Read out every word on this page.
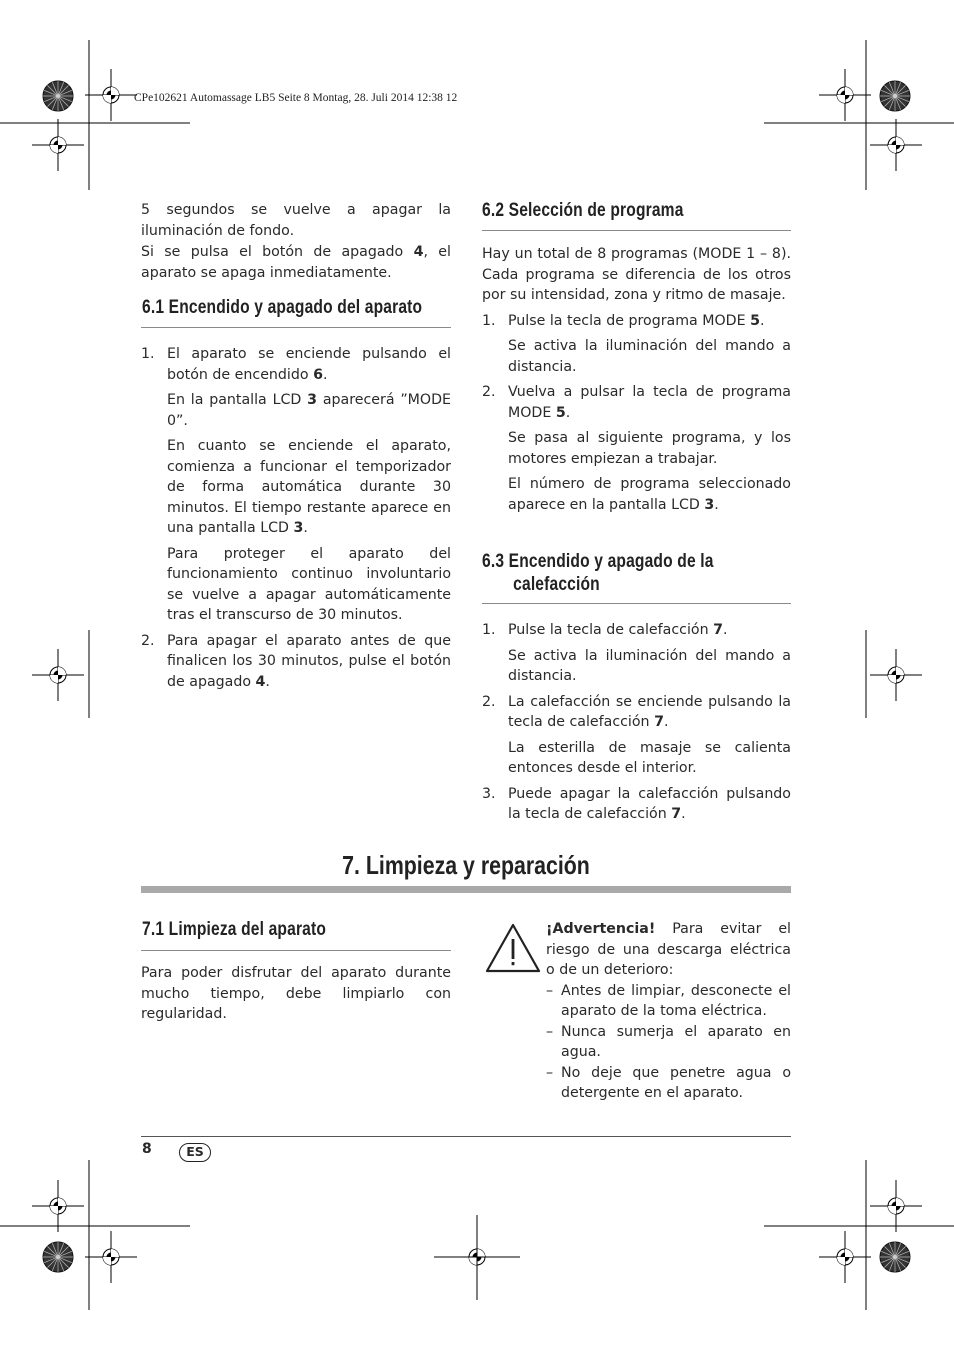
CPe102621 Automassage LB5 Seite 8 Montag, 28. Juli 2014 12:38 12
5 segundos se vuelve a apagar la iluminación de fondo.
Si se pulsa el botón de apagado 4, el aparato se apaga inmediatamente.
6.1 Encendido y apagado del aparato
1. El aparato se enciende pulsando el botón de encendido 6.
En la pantalla LCD 3 aparecerá ”MODE 0”.
En cuanto se enciende el aparato, comienza a funcionar el temporizador de forma automática durante 30 minutos. El tiempo restante aparece en una pantalla LCD 3.
Para proteger el aparato del funcionamiento continuo involuntario se vuelve a apagar automáticamente tras el transcurso de 30 minutos.
2. Para apagar el aparato antes de que finalicen los 30 minutos, pulse el botón de apagado 4.
6.2 Selección de programa
Hay un total de 8 programas (MODE 1 – 8). Cada programa se diferencia de los otros por su intensidad, zona y ritmo de masaje.
1. Pulse la tecla de programa MODE 5.
Se activa la iluminación del mando a distancia.
2. Vuelva a pulsar la tecla de programa MODE 5.
Se pasa al siguiente programa, y los motores empiezan a trabajar.
El número de programa seleccionado aparece en la pantalla LCD 3.
6.3 Encendido y apagado de la
calefacción
1. Pulse la tecla de calefacción 7.
Se activa la iluminación del mando a distancia.
2. La calefacción se enciende pulsando la tecla de calefacción 7.
La esterilla de masaje se calienta entonces desde el interior.
3. Puede apagar la calefacción pulsando la tecla de calefacción 7.
7. Limpieza y reparación
7.1 Limpieza del aparato
Para poder disfrutar del aparato durante mucho tiempo, debe limpiarlo con regularidad.
¡Advertencia! Para evitar el riesgo de una descarga eléctrica o de un deterioro:
– Antes de limpiar, desconecte el aparato de la toma eléctrica.
– Nunca sumerja el aparato en agua.
– No deje que penetre agua o detergente en el aparato.
8	ES
